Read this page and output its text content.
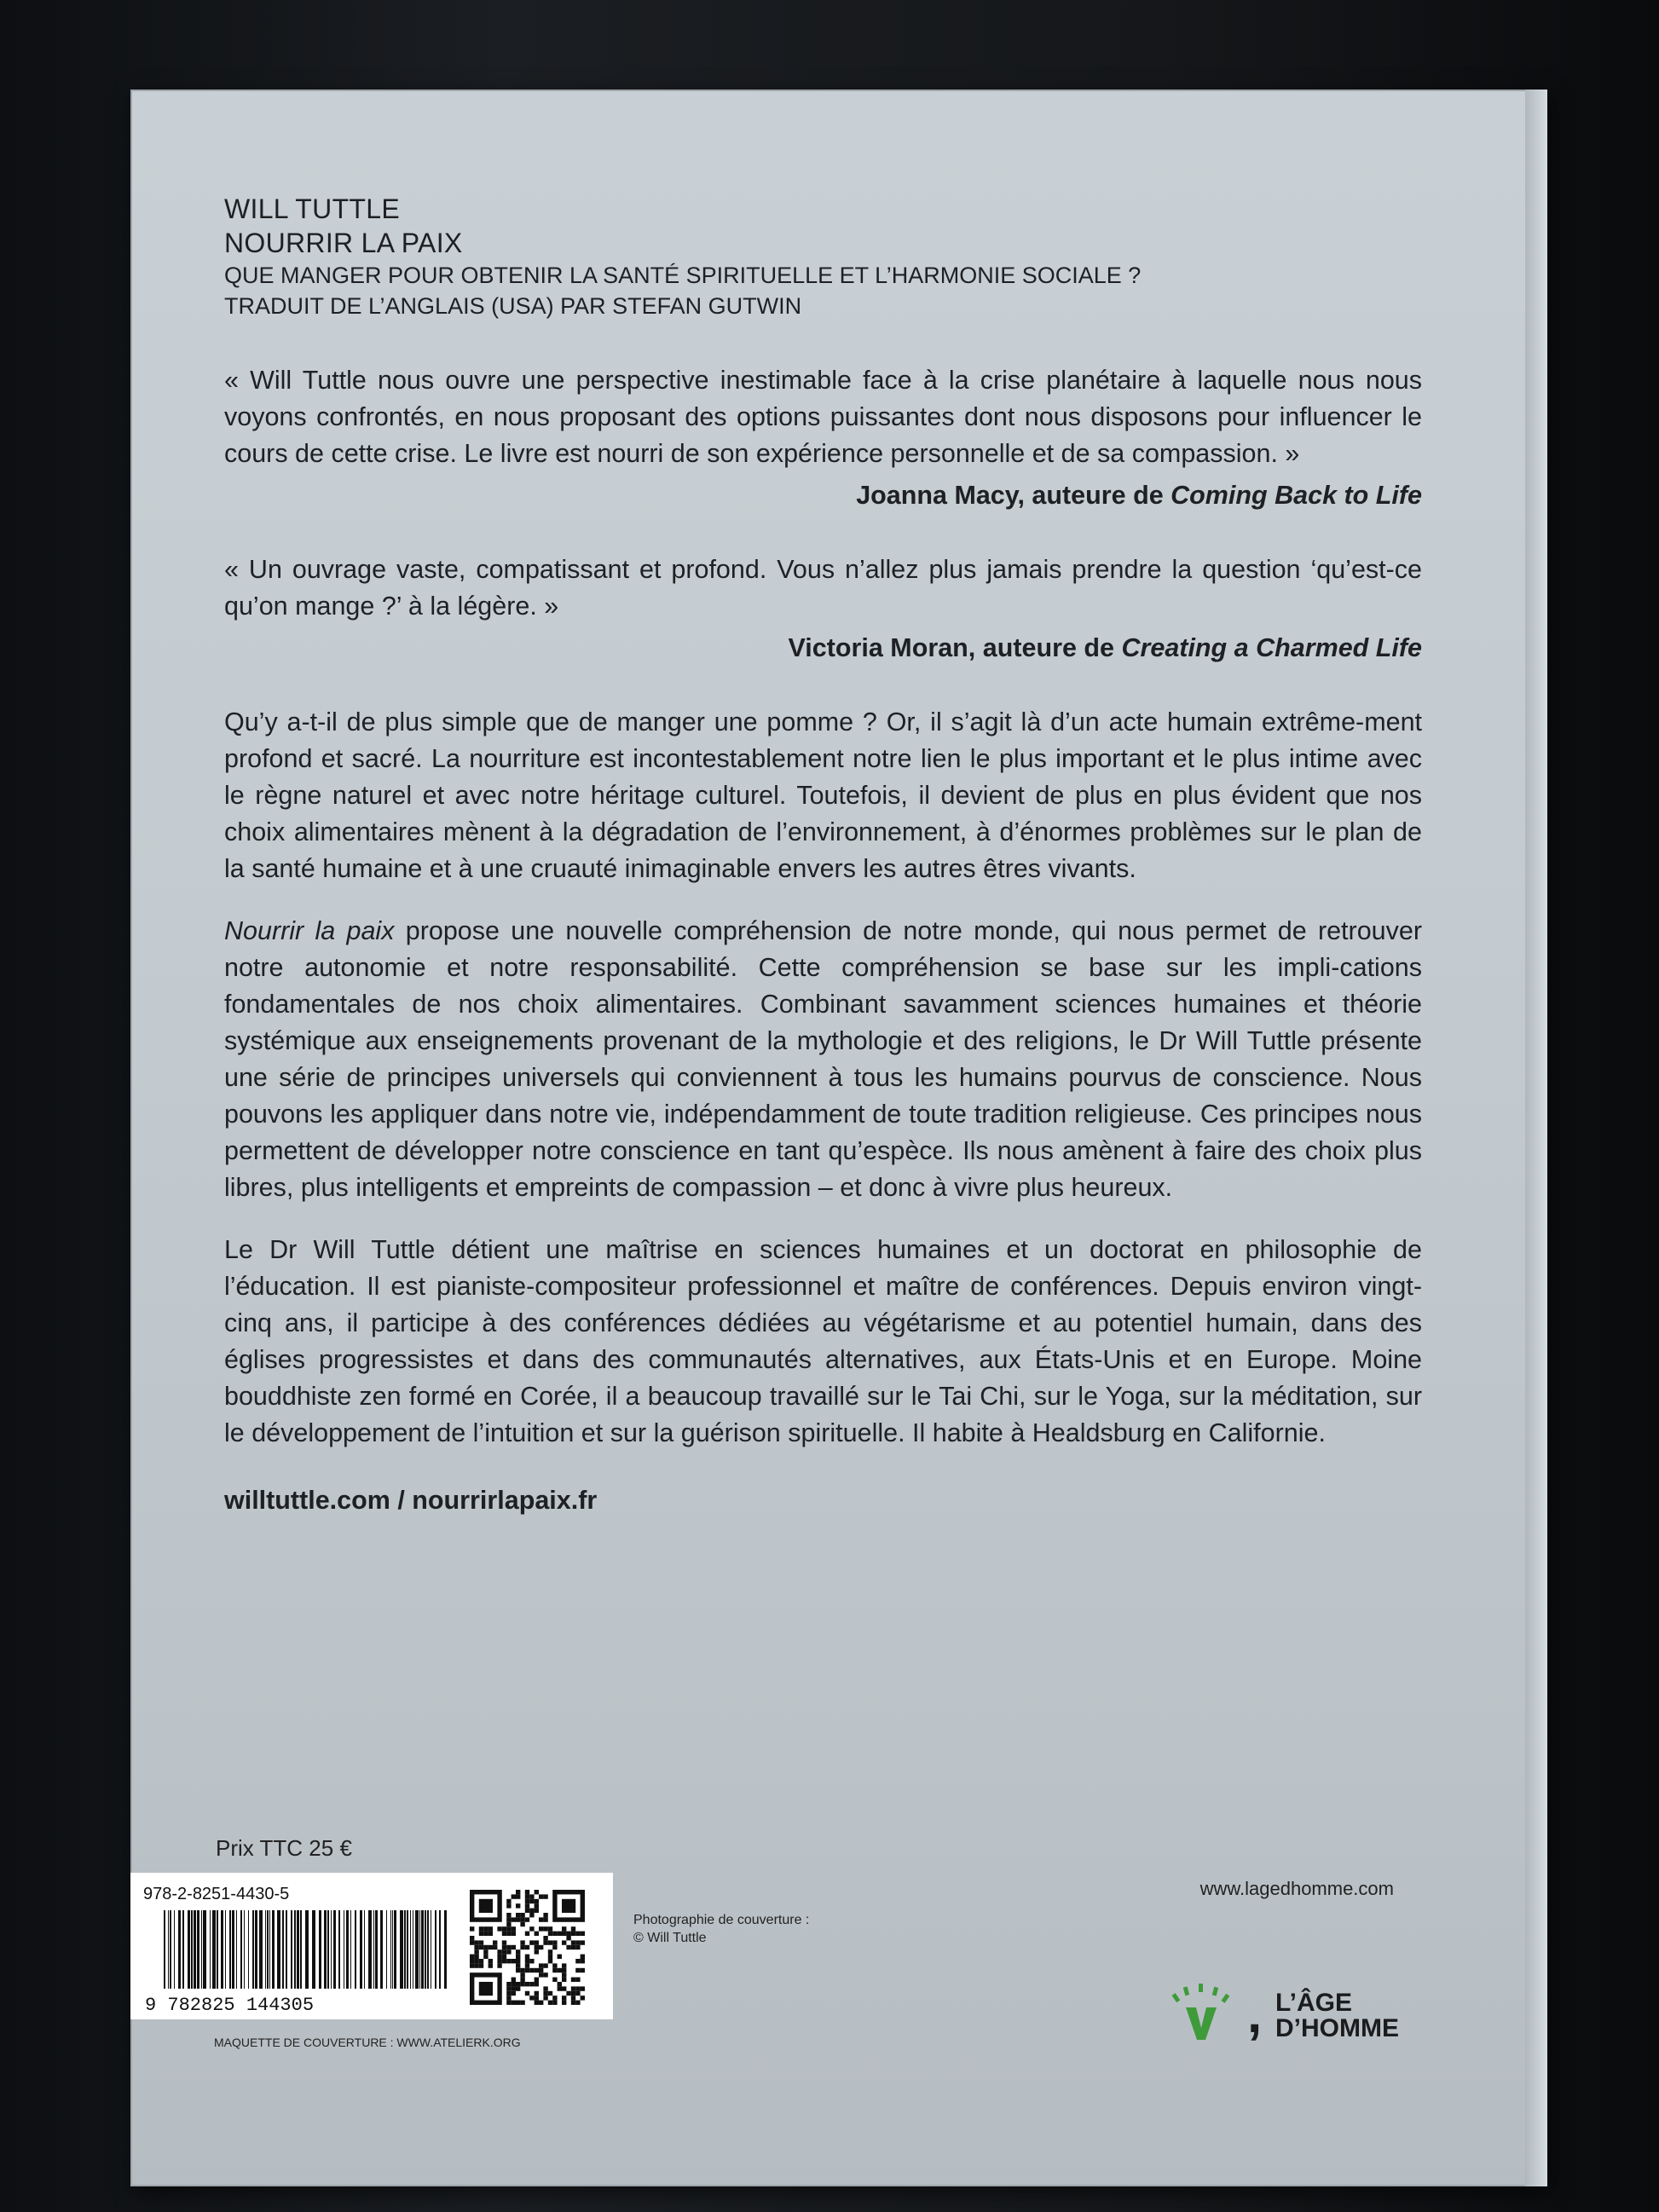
WILL TUTTLE
NOURRIR LA PAIX
QUE MANGER POUR OBTENIR LA SANTÉ SPIRITUELLE ET L’HARMONIE SOCIALE ?
TRADUIT DE L’ANGLAIS (USA) PAR STEFAN GUTWIN

« Will Tuttle nous ouvre une perspective inestimable face à la crise planétaire à laquelle nous nous voyons confrontés, en nous proposant des options puissantes dont nous disposons pour influencer le cours de cette crise. Le livre est nourri de son expérience personnelle et de sa compassion. »

Joanna Macy, auteure de Coming Back to Life

« Un ouvrage vaste, compatissant et profond. Vous n’allez plus jamais prendre la question ‘qu’est-ce qu’on mange ?’ à la légère. »

Victoria Moran, auteure de Creating a Charmed Life

Qu’y a-t-il de plus simple que de manger une pomme ? Or, il s’agit là d’un acte humain extrême-ment profond et sacré. La nourriture est incontestablement notre lien le plus important et le plus intime avec le règne naturel et avec notre héritage culturel. Toutefois, il devient de plus en plus évident que nos choix alimentaires mènent à la dégradation de l’environnement, à d’énormes problèmes sur le plan de la santé humaine et à une cruauté inimaginable envers les autres êtres vivants.

Nourrir la paix propose une nouvelle compréhension de notre monde, qui nous permet de retrouver notre autonomie et notre responsabilité. Cette compréhension se base sur les impli-cations fondamentales de nos choix alimentaires. Combinant savamment sciences humaines et théorie systémique aux enseignements provenant de la mythologie et des religions, le Dr Will Tuttle présente une série de principes universels qui conviennent à tous les humains pourvus de conscience. Nous pouvons les appliquer dans notre vie, indépendamment de toute tradition religieuse. Ces principes nous permettent de développer notre conscience en tant qu’espèce. Ils nous amènent à faire des choix plus libres, plus intelligents et empreints de compassion – et donc à vivre plus heureux.

Le Dr Will Tuttle détient une maîtrise en sciences humaines et un doctorat en philosophie de l’éducation. Il est pianiste-compositeur professionnel et maître de conférences. Depuis environ vingt-cinq ans, il participe à des conférences dédiées au végétarisme et au potentiel humain, dans des églises progressistes et dans des communautés alternatives, aux États-Unis et en Europe. Moine bouddhiste zen formé en Corée, il a beaucoup travaillé sur le Tai Chi, sur le Yoga, sur la méditation, sur le développement de l’intuition et sur la guérison spirituelle. Il habite à Healdsburg en Californie.

willtuttle.com / nourrirlapaix.fr
Prix TTC 25 €
978-2-8251-4430-5
9 782825 144305
Photographie de couverture :
© Will Tuttle
MAQUETTE DE COUVERTURE : WWW.ATELIERK.ORG
www.lagedhomme.com
, L’ÂGE
D’HOMME
